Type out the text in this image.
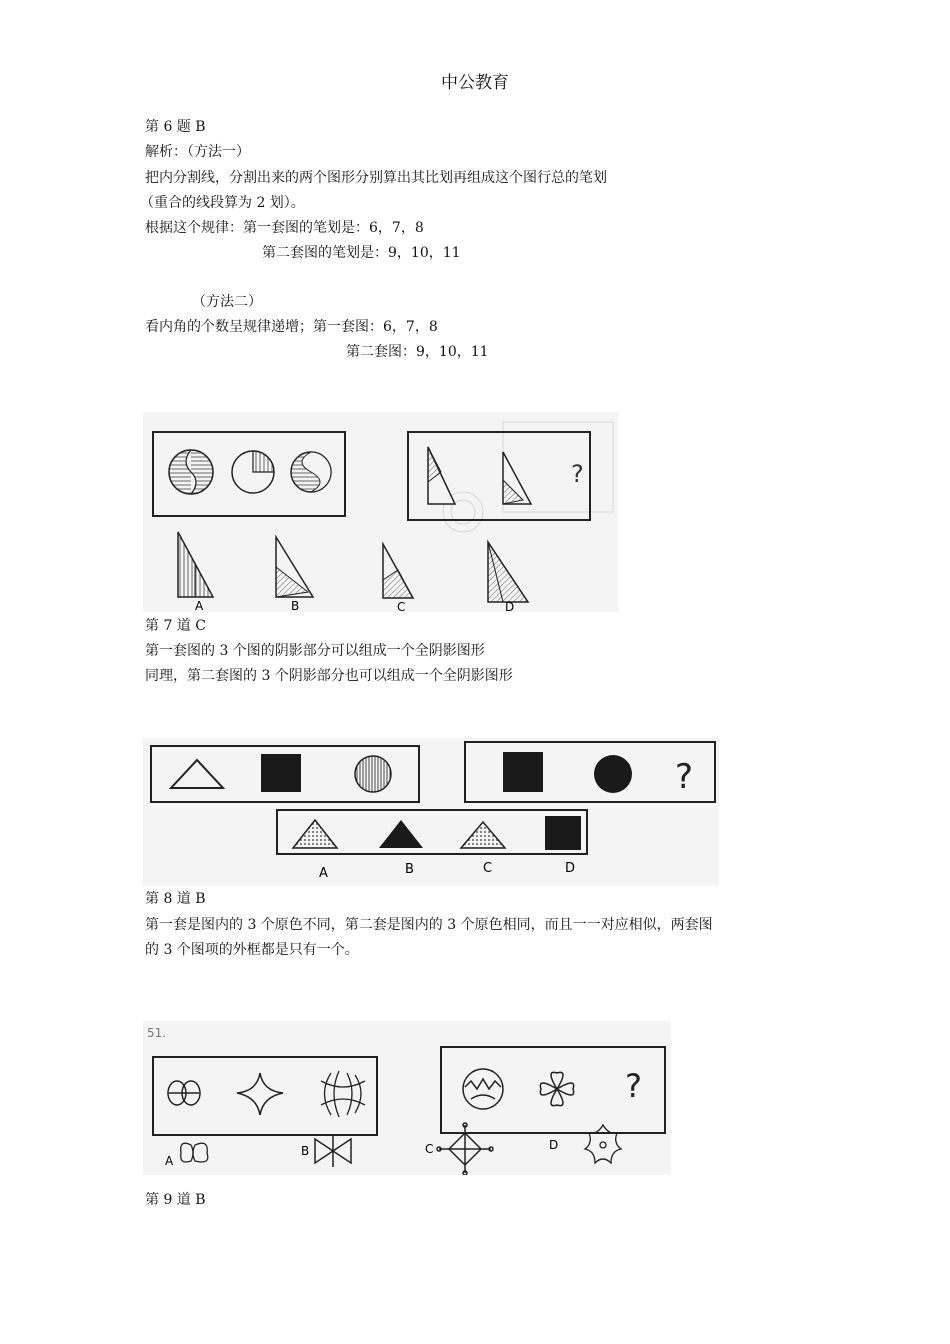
中公教育
第 6 题 B
解析：（方法一）
把内分割线，分割出来的两个图形分别算出其比划再组成这个图行总的笔划
（重合的线段算为 2 划）。
根据这个规律：第一套图的笔划是：6，7，8
第二套图的笔划是：9，10，11
（方法二）
看内角的个数呈规律递增；第一套图：6，7，8
第二套图：9，10，11
?
A	B	C	D
第 7 道 C
第一套图的 3 个图的阴影部分可以组成一个全阴影图形
同理，第二套图的 3 个阴影部分也可以组成一个全阴影图形
?
A	B	C	D
第 8 道 B
第一套是图内的 3 个原色不同，第二套是图内的 3 个原色相同，而且一一对应相似，两套图
的 3 个图项的外框都是只有一个。
51.
?
A
B	C	D
第 9 道 B
